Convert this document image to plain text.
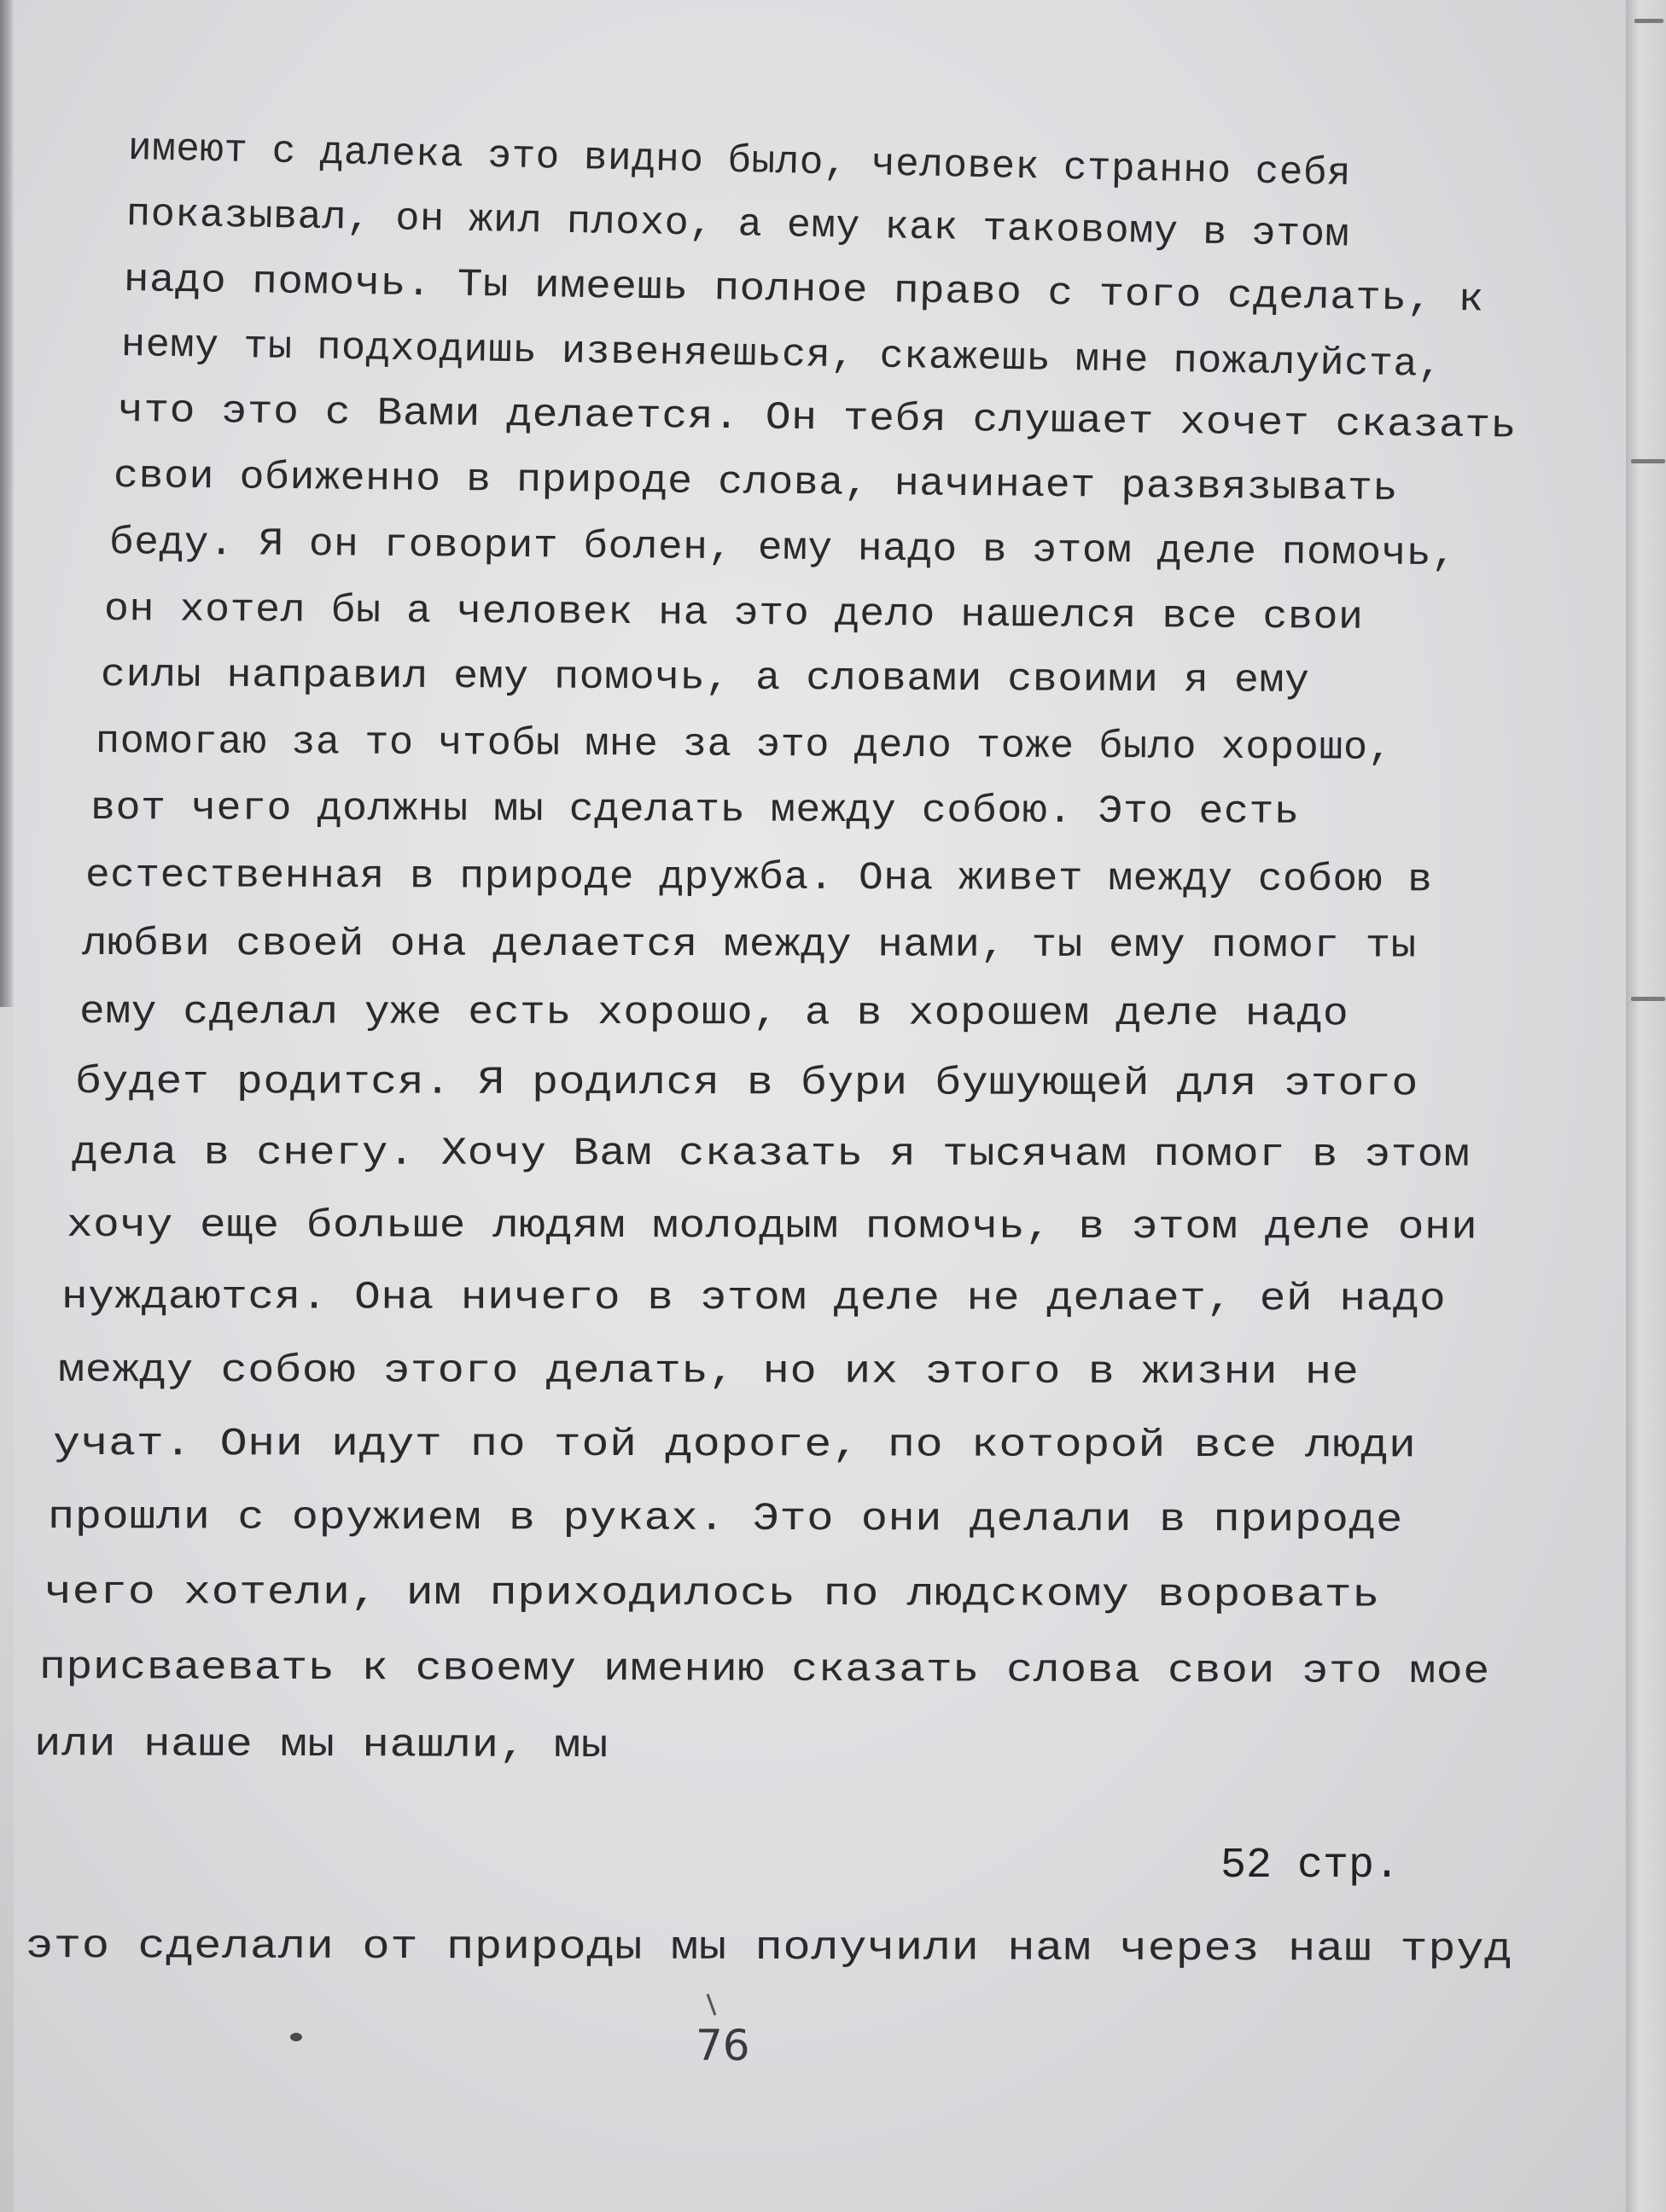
имеют с далека это видно было, человек странно себя
показывал, он жил плохо, а ему как таковому в этом
надо помочь. Ты имеешь полное право с того сделать, к
нему ты подходишь извеняешься, скажешь мне пожалуйста,
что это с Вами делается. Он тебя слушает хочет сказать
свои обиженно в природе слова, начинает развязывать
беду. Я он говорит болен, ему надо в этом деле помочь,
он хотел бы а человек на это дело нашелся все свои
силы направил ему помочь, а словами своими я ему
помогаю за то чтобы мне за это дело тоже было хорошо,
вот чего должны мы сделать между собою. Это есть
естественная в природе дружба. Она живет между собою в
любви своей она делается между нами, ты ему помог ты
ему сделал уже есть хорошо, а в хорошем деле надо
будет родится. Я родился в бури бушующей для этого
дела в снегу. Хочу Вам сказать я тысячам помог в этом
хочу еще больше людям молодым помочь, в этом деле они
нуждаются. Она ничего в этом деле не делает, ей надо
между собою этого делать, но их этого в жизни не
учат. Они идут по той дороге, по которой все люди
прошли с оружием в руках. Это они делали в природе
чего хотели, им приходилось по людскому воровать
присваевать к своему имению сказать слова свои это мое
или наше мы нашли, мы
52 стр.
это сделали от природы мы получили нам через наш труд
76
